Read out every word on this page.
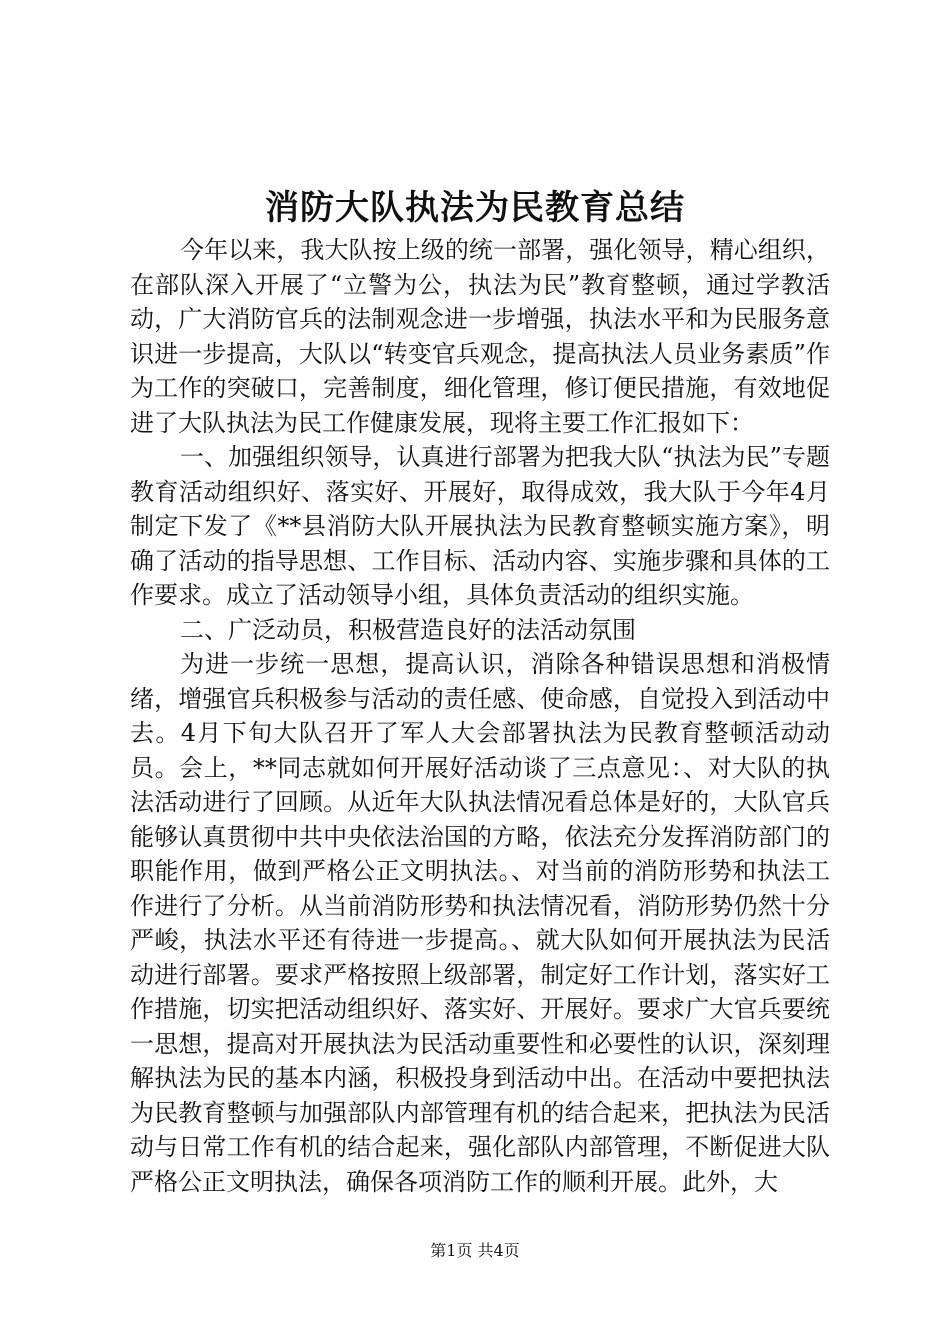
消防大队执法为民教育总结

今年以来，我大队按上级的统一部署，强化领导，精心组织，在部队深入开展了“立警为公，执法为民”教育整顿，通过学教活动，广大消防官兵的法制观念进一步增强，执法水平和为民服务意识进一步提高，大队以“转变官兵观念，提高执法人员业务素质”作为工作的突破口，完善制度，细化管理，修订便民措施，有效地促进了大队执法为民工作健康发展，现将主要工作汇报如下：

一、加强组织领导，认真进行部署为把我大队“执法为民”专题教育活动组织好、落实好、开展好，取得成效，我大队于今年4月制定下发了《**县消防大队开展执法为民教育整顿实施方案》，明确了活动的指导思想、工作目标、活动内容、实施步骤和具体的工作要求。成立了活动领导小组，具体负责活动的组织实施。

二、广泛动员，积极营造良好的法活动氛围

为进一步统一思想，提高认识，消除各种错误思想和消极情绪，增强官兵积极参与活动的责任感、使命感，自觉投入到活动中去。4月下旬大队召开了军人大会部署执法为民教育整顿活动动员。会上，**同志就如何开展好活动谈了三点意见：、对大队的执法活动进行了回顾。从近年大队执法情况看总体是好的，大队官兵能够认真贯彻中共中央依法治国的方略，依法充分发挥消防部门的职能作用，做到严格公正文明执法。、对当前的消防形势和执法工作进行了分析。从当前消防形势和执法情况看，消防形势仍然十分严峻，执法水平还有待进一步提高。、就大队如何开展执法为民活动进行部署。要求严格按照上级部署，制定好工作计划，落实好工作措施，切实把活动组织好、落实好、开展好。要求广大官兵要统一思想，提高对开展执法为民活动重要性和必要性的认识，深刻理解执法为民的基本内涵，积极投身到活动中出。在活动中要把执法为民教育整顿与加强部队内部管理有机的结合起来，把执法为民活动与日常工作有机的结合起来，强化部队内部管理，不断促进大队严格公正文明执法，确保各项消防工作的顺利开展。此外，大

第1页 共4页
